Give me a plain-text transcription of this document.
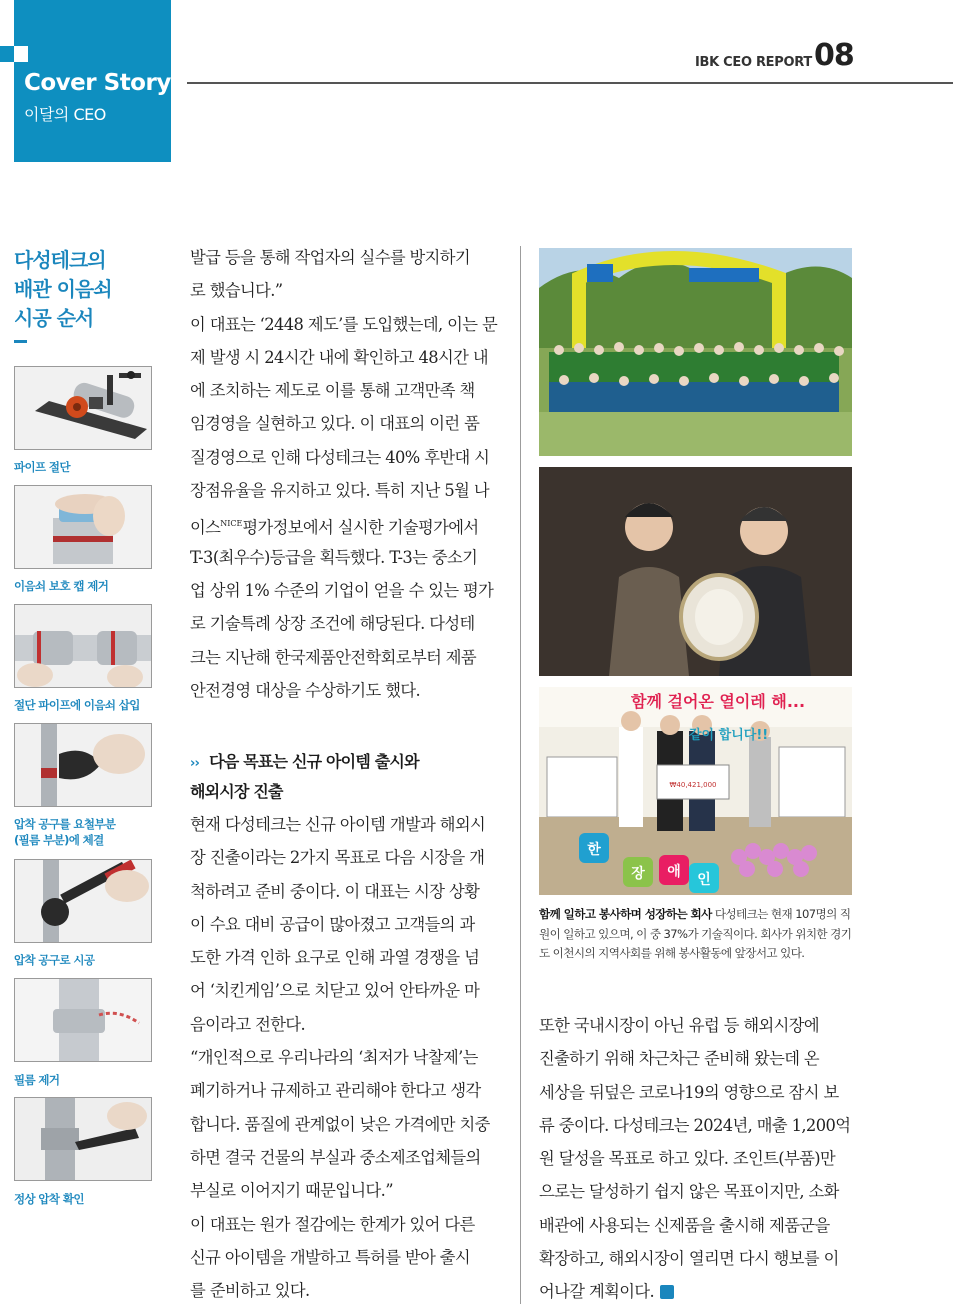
Cover Story
이달의 CEO
IBK CEO REPORT 08
다성테크의
배관 이음쇠
시공 순서
파이프 절단
이음쇠 보호 캡 제거
절단 파이프에 이음쇠 삽입
압착 공구를 요철부분
(필름 부분)에 체결
압착 공구로 시공
필름 제거
정상 압착 확인
발급 등을 통해 작업자의 실수를 방지하기
로 했습니다.”
이 대표는 ‘2448 제도’를 도입했는데, 이는 문
제 발생 시 24시간 내에 확인하고 48시간 내
에 조치하는 제도로 이를 통해 고객만족 책
임경영을 실현하고 있다. 이 대표의 이런 품
질경영으로 인해 다성테크는 40% 후반대 시
장점유율을 유지하고 있다. 특히 지난 5월 나
이스$^{NICE}$평가정보에서 실시한 기술평가에서
T-3(최우수)등급을 획득했다. T-3는 중소기
업 상위 1% 수준의 기업이 얻을 수 있는 평가
로 기술특례 상장 조건에 해당된다. 다성테
크는 지난해 한국제품안전학회로부터 제품
안전경영 대상을 수상하기도 했다.
›› 다음 목표는 신규 아이템 출시와
해외시장 진출
현재 다성테크는 신규 아이템 개발과 해외시
장 진출이라는 2가지 목표로 다음 시장을 개
척하려고 준비 중이다. 이 대표는 시장 상황
이 수요 대비 공급이 많아졌고 고객들의 과
도한 가격 인하 요구로 인해 과열 경쟁을 넘
어 ‘치킨게임’으로 치닫고 있어 안타까운 마
음이라고 전한다.
“개인적으로 우리나라의 ‘최저가 낙찰제’는
폐기하거나 규제하고 관리해야 한다고 생각
합니다. 품질에 관계없이 낮은 가격에만 치중
하면 결국 건물의 부실과 중소제조업체들의
부실로 이어지기 때문입니다.”
이 대표는 원가 절감에는 한계가 있어 다른
신규 아이템을 개발하고 특허를 받아 출시
를 준비하고 있다.
₩40,421,000
함께 걸어온 열이레 해...
같이 합니다!!
한
장 애 인
함께 일하고 봉사하며 성장하는 회사 다성테크는 현재 107명의 직원이 일하고 있으며, 이 중 37%가 기술직이다. 회사가 위치한 경기도 이천시의 지역사회를 위해 봉사활동에 앞장서고 있다.
또한 국내시장이 아닌 유럽 등 해외시장에
진출하기 위해 차근차근 준비해 왔는데 온
세상을 뒤덮은 코로나19의 영향으로 잠시 보
류 중이다. 다성테크는 2024년, 매출 1,200억
원 달성을 목표로 하고 있다. 조인트(부품)만
으로는 달성하기 쉽지 않은 목표이지만, 소화
배관에 사용되는 신제품을 출시해 제품군을
확장하고, 해외시장이 열리면 다시 행보를 이
어나갈 계획이다.
